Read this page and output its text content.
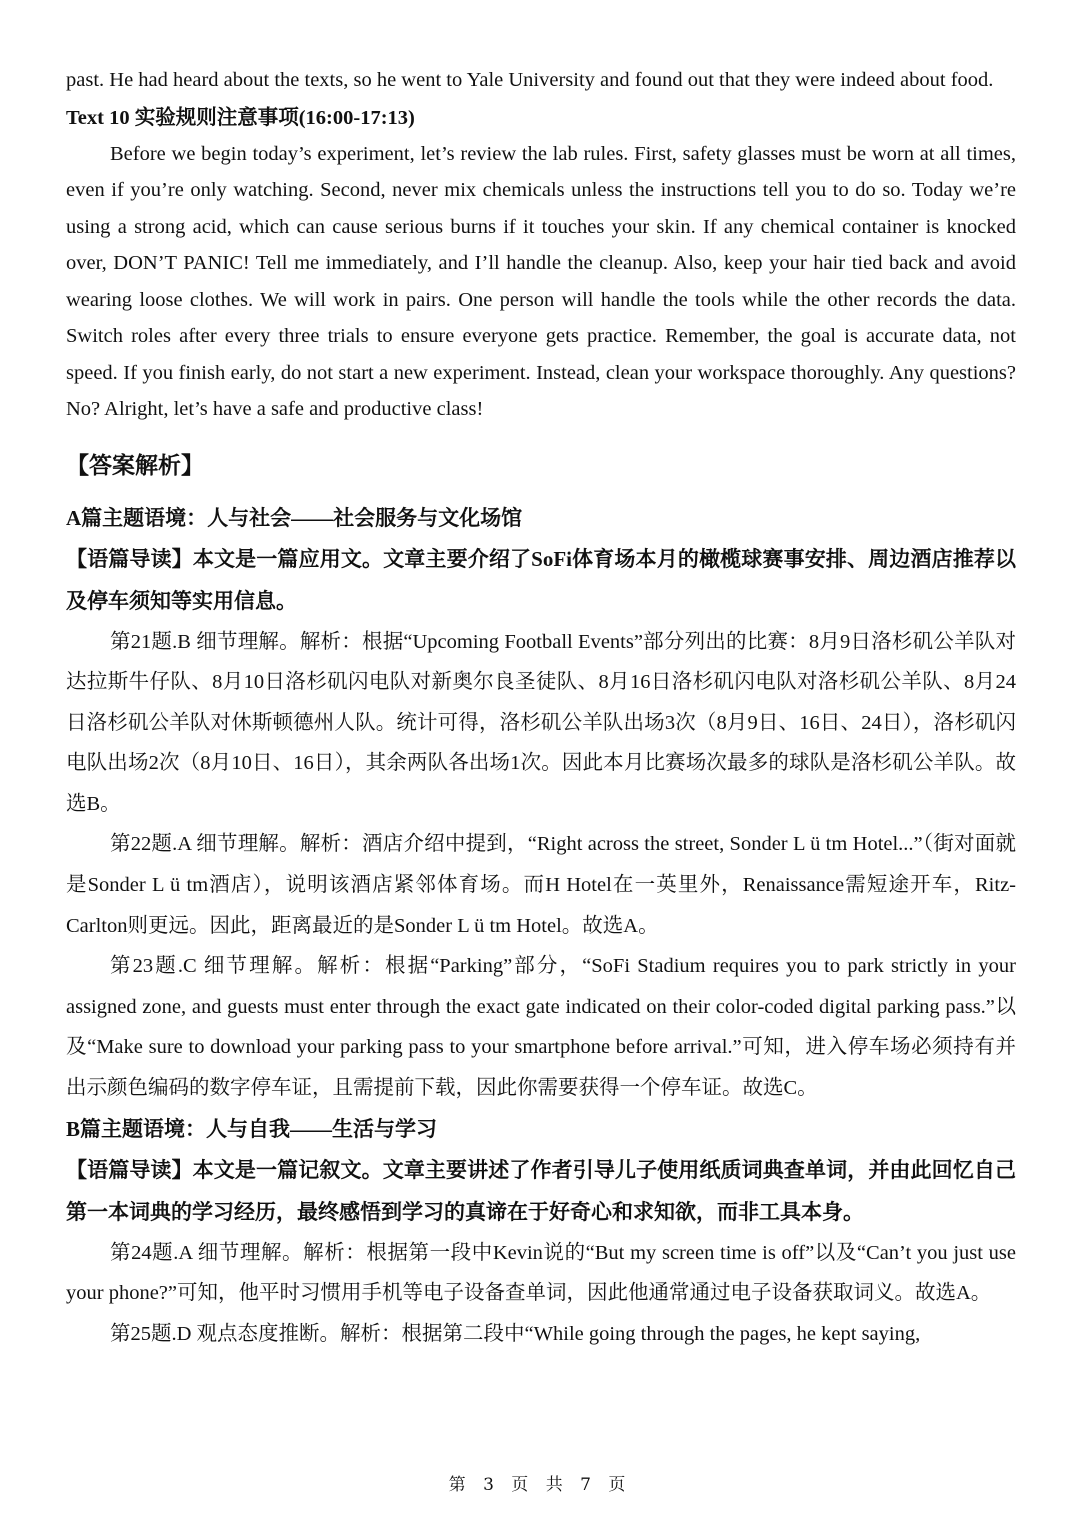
past. He had heard about the texts, so he went to Yale University and found out that they were indeed about food.

Text 10 实验规则注意事项(16:00-17:13)

Before we begin today’s experiment, let’s review the lab rules. First, safety glasses must be worn at all times, even if you’re only watching. Second, never mix chemicals unless the instructions tell you to do so. Today we’re using a strong acid, which can cause serious burns if it touches your skin. If any chemical container is knocked over, DON’T PANIC! Tell me immediately, and I’ll handle the cleanup. Also, keep your hair tied back and avoid wearing loose clothes. We will work in pairs. One person will handle the tools while the other records the data. Switch roles after every three trials to ensure everyone gets practice. Remember, the goal is accurate data, not speed. If you finish early, do not start a new experiment. Instead, clean your workspace thoroughly. Any questions? No? Alright, let’s have a safe and productive class!

【答案解析】

A篇主题语境：人与社会——社会服务与文化场馆

【语篇导读】本文是一篇应用文。文章主要介绍了SoFi体育场本月的橄榄球赛事安排、周边酒店推荐以及停车须知等实用信息。

第21题.B 细节理解。解析：根据“Upcoming Football Events”部分列出的比赛：8月9日洛杉矶公羊队对达拉斯牛仔队、8月10日洛杉矶闪电队对新奥尔良圣徒队、8月16日洛杉矶闪电队对洛杉矶公羊队、8月24日洛杉矶公羊队对休斯顿德州人队。统计可得，洛杉矶公羊队出场3次（8月9日、16日、24日），洛杉矶闪电队出场2次（8月10日、16日），其余两队各出场1次。因此本月比赛场次最多的球队是洛杉矶公羊队。故选B。

第22题.A 细节理解。解析：酒店介绍中提到，“Right across the street, Sonder L ü tm Hotel...”（街对面就是Sonder L ü tm酒店），说明该酒店紧邻体育场。而H Hotel在一英里外，Renaissance需短途开车，Ritz-Carlton则更远。因此，距离最近的是Sonder L ü tm Hotel。故选A。

第23题.C 细节理解。解析：根据“Parking”部分，“SoFi Stadium requires you to park strictly in your assigned zone, and guests must enter through the exact gate indicated on their color-coded digital parking pass.”以及“Make sure to download your parking pass to your smartphone before arrival.”可知，进入停车场必须持有并出示颜色编码的数字停车证，且需提前下载，因此你需要获得一个停车证。故选C。

B篇主题语境：人与自我——生活与学习

【语篇导读】本文是一篇记叙文。文章主要讲述了作者引导儿子使用纸质词典查单词，并由此回忆自己第一本词典的学习经历，最终感悟到学习的真谛在于好奇心和求知欲，而非工具本身。

第24题.A 细节理解。解析：根据第一段中Kevin说的“But my screen time is off”以及“Can’t you just use your phone?”可知，他平时习惯用手机等电子设备查单词，因此他通常通过电子设备获取词义。故选A。

第25题.D 观点态度推断。解析：根据第二段中“While going through the pages, he kept saying,

第 3 页 共 7 页
